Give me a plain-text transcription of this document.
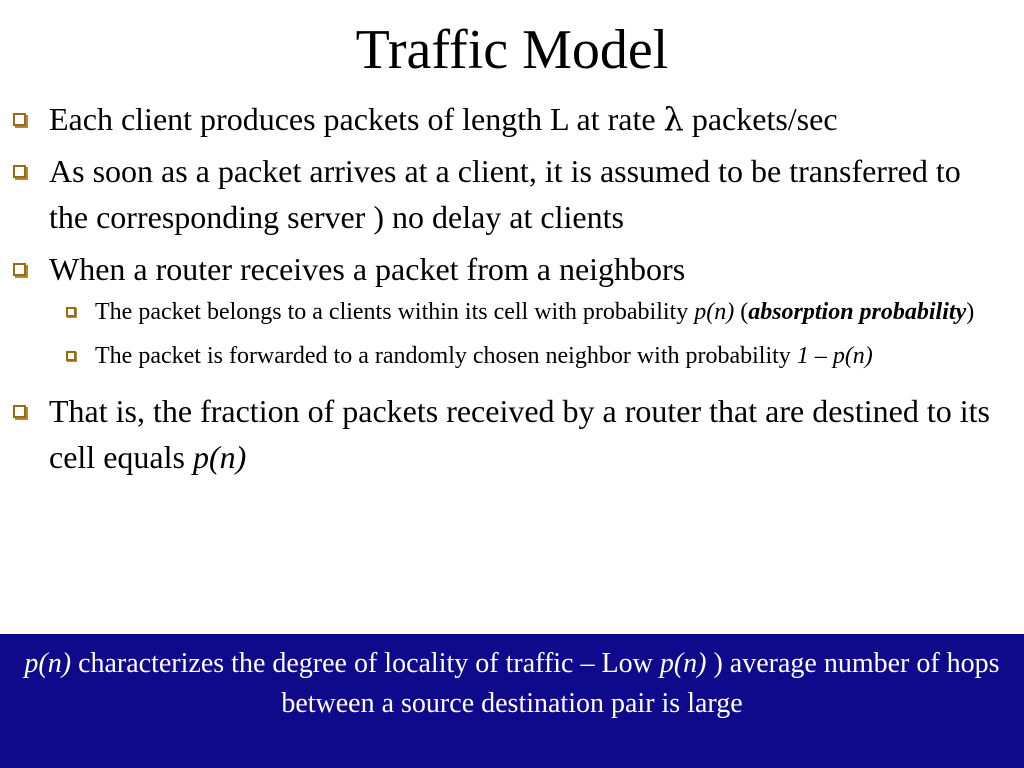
Traffic Model
Each client produces packets of length L at rate λ packets/sec
As soon as a packet arrives at a client, it is assumed to be transferred to the corresponding server ) no delay at clients
When a router receives a packet from a neighbors
The packet belongs to a clients within its cell with probability p(n) (absorption probability)
The packet is forwarded to a randomly chosen neighbor with probability 1 – p(n)
That is, the fraction of packets received by a router that are destined to its cell equals p(n)
p(n) characterizes the degree of locality of traffic – Low p(n) ) average number of hops between a source destination pair is large
